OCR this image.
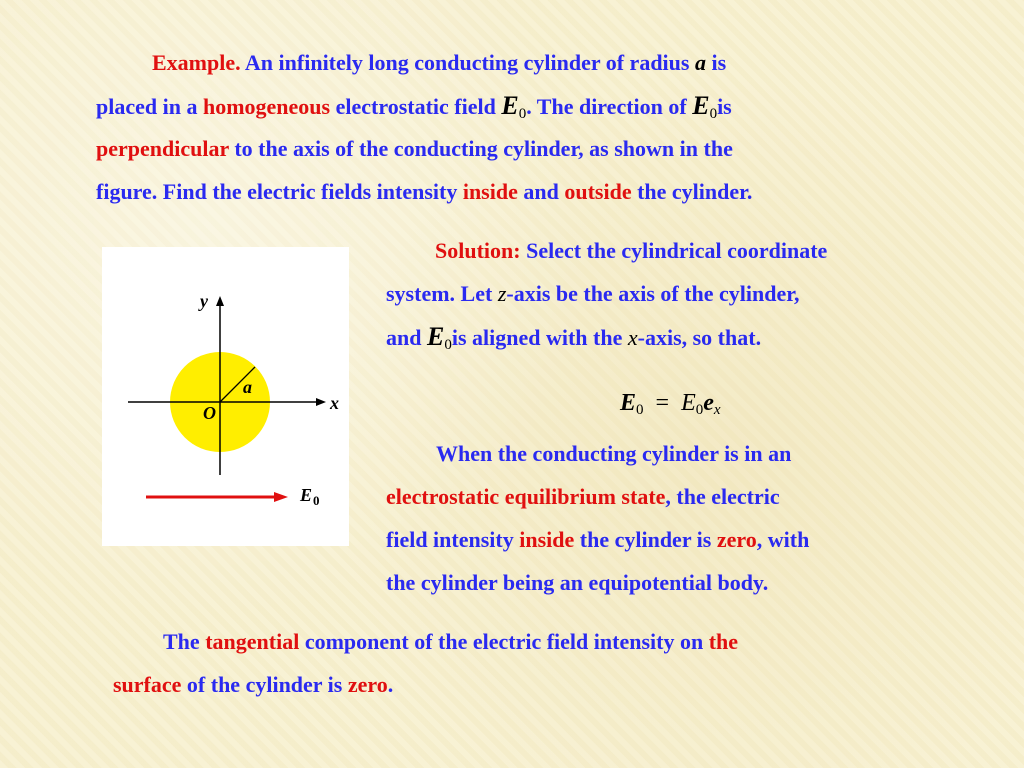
Example. An infinitely long conducting cylinder of radius a is
placed in a homogeneous electrostatic field $E_0$. The direction of $E_0is$
perpendicular to the axis of the conducting cylinder, as shown in the
figure. Find the electric fields intensity inside and outside the cylinder.
y
x
O
a
E 0
Solution: Select the cylindrical coordinate
system. Let z-axis be the axis of the cylinder,
and $E_0is$ aligned with the x-axis, so that.
$E_0 = E_0e_x$
When the conducting cylinder is in an
electrostatic equilibrium state, the electric
field intensity inside the cylinder is zero, with
the cylinder being an equipotential body.
The tangential component of the electric field intensity on the
surface of the cylinder is zero.
